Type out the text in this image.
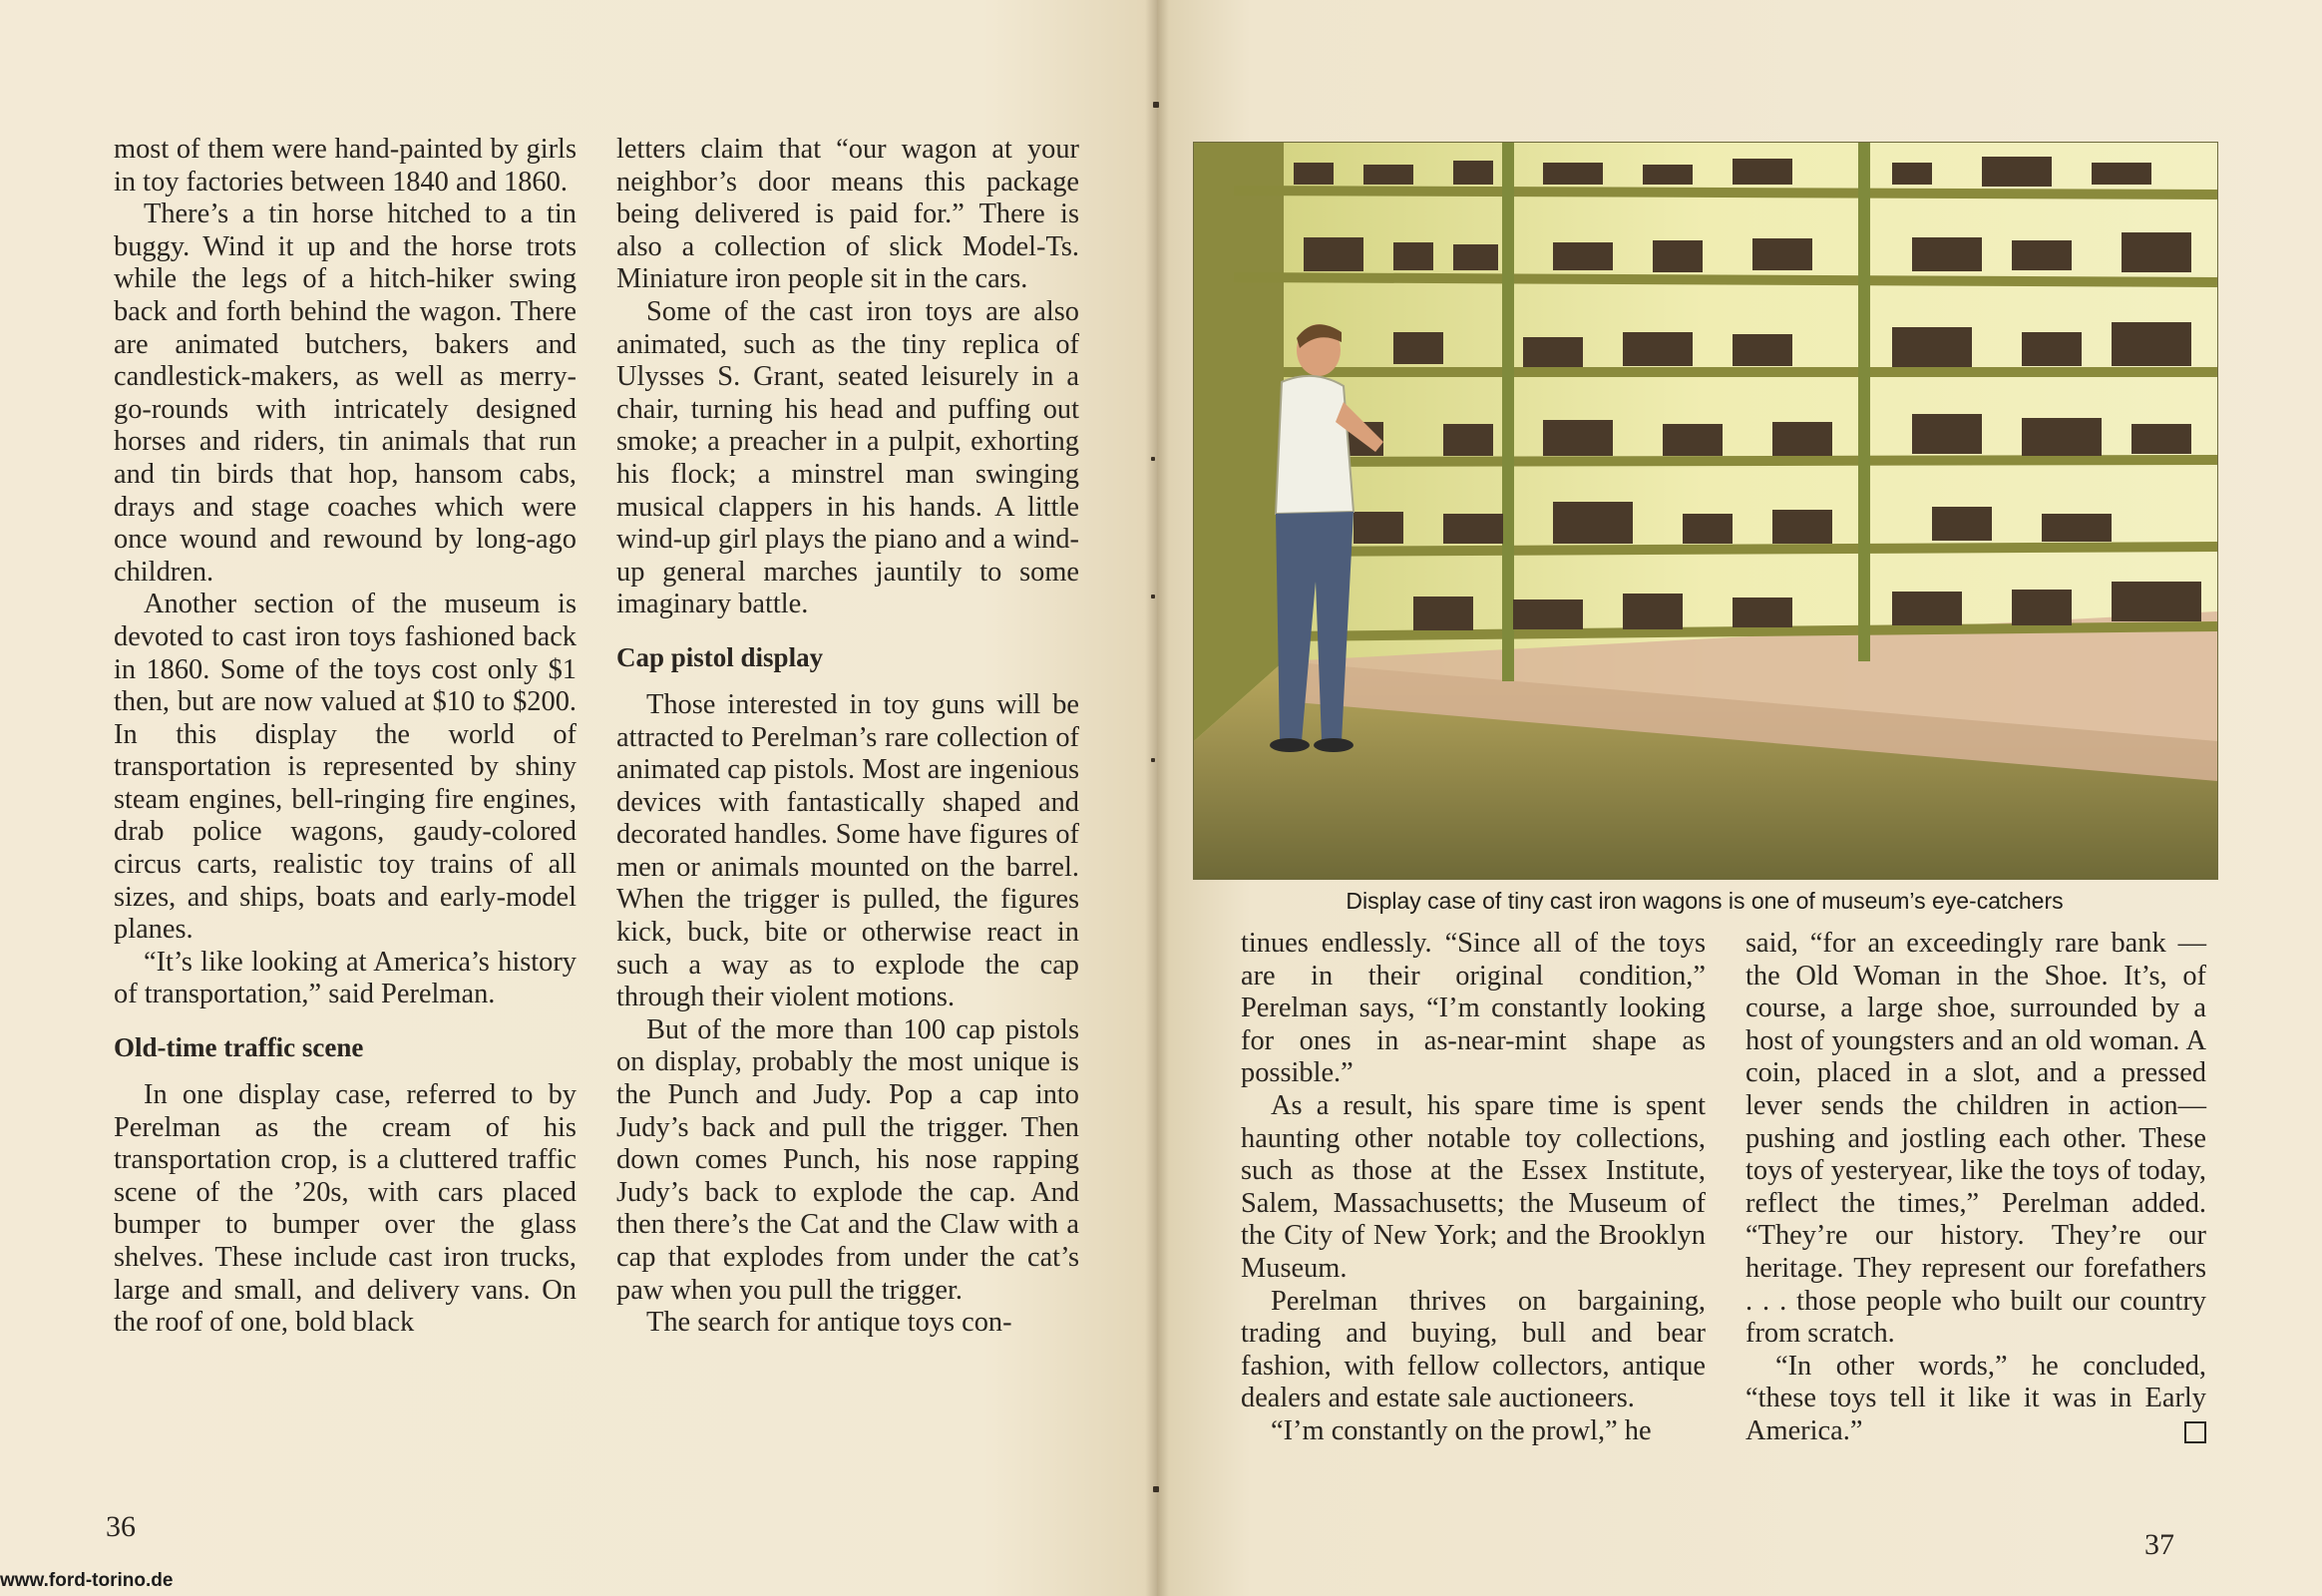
most of them were hand-painted by girls in toy factories between 1840 and 1860.

There’s a tin horse hitched to a tin buggy. Wind it up and the horse trots while the legs of a hitch-hiker swing back and forth behind the wagon. There are animated butchers, bakers and candlestick-makers, as well as merry-go-rounds with intricately designed horses and riders, tin animals that run and tin birds that hop, hansom cabs, drays and stage coaches which were once wound and rewound by long-ago children.

Another section of the museum is devoted to cast iron toys fashioned back in 1860. Some of the toys cost only $1 then, but are now valued at $10 to $200. In this display the world of transportation is represented by shiny steam engines, bell-ringing fire engines, drab police wagons, gaudy-colored circus carts, realistic toy trains of all sizes, and ships, boats and early-model planes.

“It’s like looking at America’s history of transportation,” said Perelman.

Old-time traffic scene

In one display case, referred to by Perelman as the cream of his transportation crop, is a cluttered traffic scene of the ’20s, with cars placed bumper to bumper over the glass shelves. These include cast iron trucks, large and small, and delivery vans. On the roof of one, bold black

letters claim that “our wagon at your neighbor’s door means this package being delivered is paid for.” There is also a collection of slick Model-Ts. Miniature iron people sit in the cars.

Some of the cast iron toys are also animated, such as the tiny replica of Ulysses S. Grant, seated leisurely in a chair, turning his head and puffing out smoke; a preacher in a pulpit, exhorting his flock; a minstrel man swinging musical clappers in his hands. A little wind-up girl plays the piano and a wind-up general marches jauntily to some imaginary battle.

Cap pistol display

Those interested in toy guns will be attracted to Perelman’s rare collection of animated cap pistols. Most are ingenious devices with fantastically shaped and decorated handles. Some have figures of men or animals mounted on the barrel. When the trigger is pulled, the figures kick, buck, bite or otherwise react in such a way as to explode the cap through their violent motions.

But of the more than 100 cap pistols on display, probably the most unique is the Punch and Judy. Pop a cap into Judy’s back and pull the trigger. Then down comes Punch, his nose rapping Judy’s back to explode the cap. And then there’s the Cat and the Claw with a cap that explodes from under the cat’s paw when you pull the trigger.

The search for antique toys con-

36
www.ford-torino.de
Display case of tiny cast iron wagons is one of museum’s eye-catchers

tinues endlessly. “Since all of the toys are in their original condition,” Perelman says, “I’m constantly looking for ones in as-near-mint shape as possible.”

As a result, his spare time is spent haunting other notable toy collections, such as those at the Essex Institute, Salem, Massachusetts; the Museum of the City of New York; and the Brooklyn Museum.

Perelman thrives on bargaining, trading and buying, bull and bear fashion, with fellow collectors, antique dealers and estate sale auctioneers.

“I’m constantly on the prowl,” he

said, “for an exceedingly rare bank —the Old Woman in the Shoe. It’s, of course, a large shoe, surrounded by a host of youngsters and an old woman. A coin, placed in a slot, and a pressed lever sends the children in action—pushing and jostling each other. These toys of yesteryear, like the toys of today, reflect the times,” Perelman added. “They’re our history. They’re our heritage. They represent our forefathers . . . those people who built our country from scratch.

“In other words,” he concluded, “these toys tell it like it was in Early America.”

37
